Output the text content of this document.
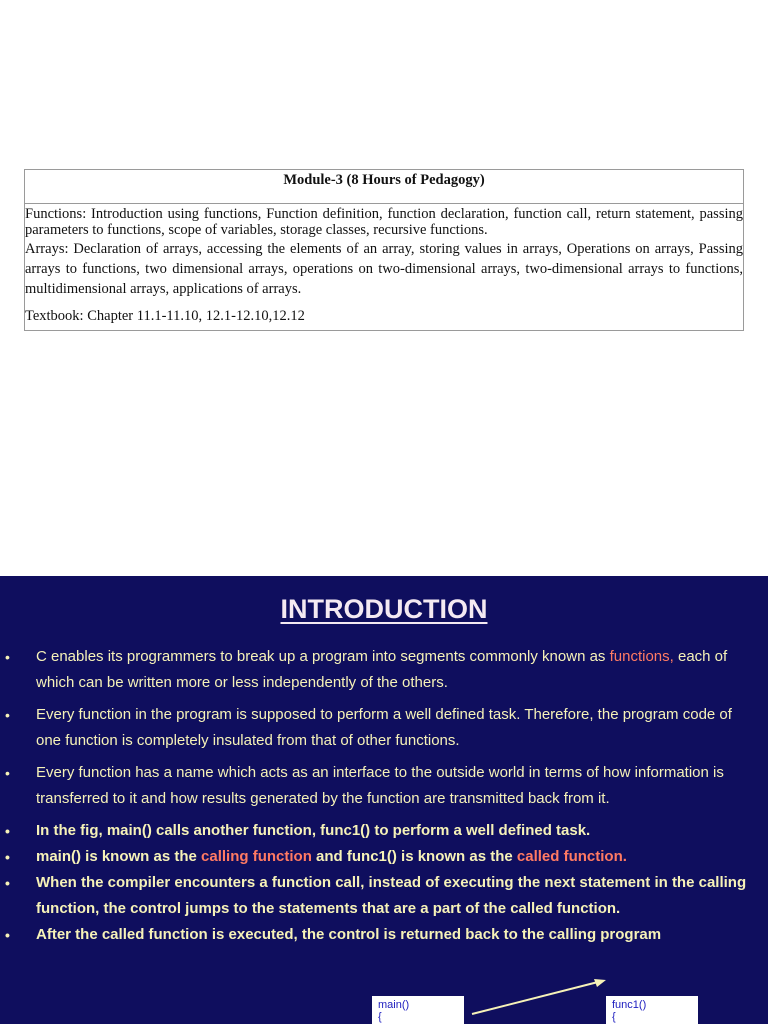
Module-3 (8 Hours of Pedagogy)

Functions: Introduction using functions, Function definition, function declaration, function call, return statement, passing parameters to functions, scope of variables, storage classes, recursive functions.

Arrays: Declaration of arrays, accessing the elements of an array, storing values in arrays, Operations on arrays, Passing arrays to functions, two dimensional arrays, operations on two-dimensional arrays, two-dimensional arrays to functions, multidimensional arrays, applications of arrays.

Textbook: Chapter 11.1-11.10, 12.1-12.10,12.12

INTRODUCTION
• C enables its programmers to break up a program into segments commonly known as functions, each of which can be written more or less independently of the others.
• Every function in the program is supposed to perform a well defined task. Therefore, the program code of one function is completely insulated from that of other functions.
• Every function has a name which acts as an interface to the outside world in terms of how information is transferred to it and how results generated by the function are transmitted back from it.
• In the fig, main() calls another function, func1() to perform a well defined task.
• main() is known as the calling function and func1() is known as the called function.
• When the compiler encounters a function call, instead of executing the next statement in the calling function, the control jumps to the statements that are a part of the called function.
• After the called function is executed, the control is returned back to the calling program
main()
{
func1()
{
